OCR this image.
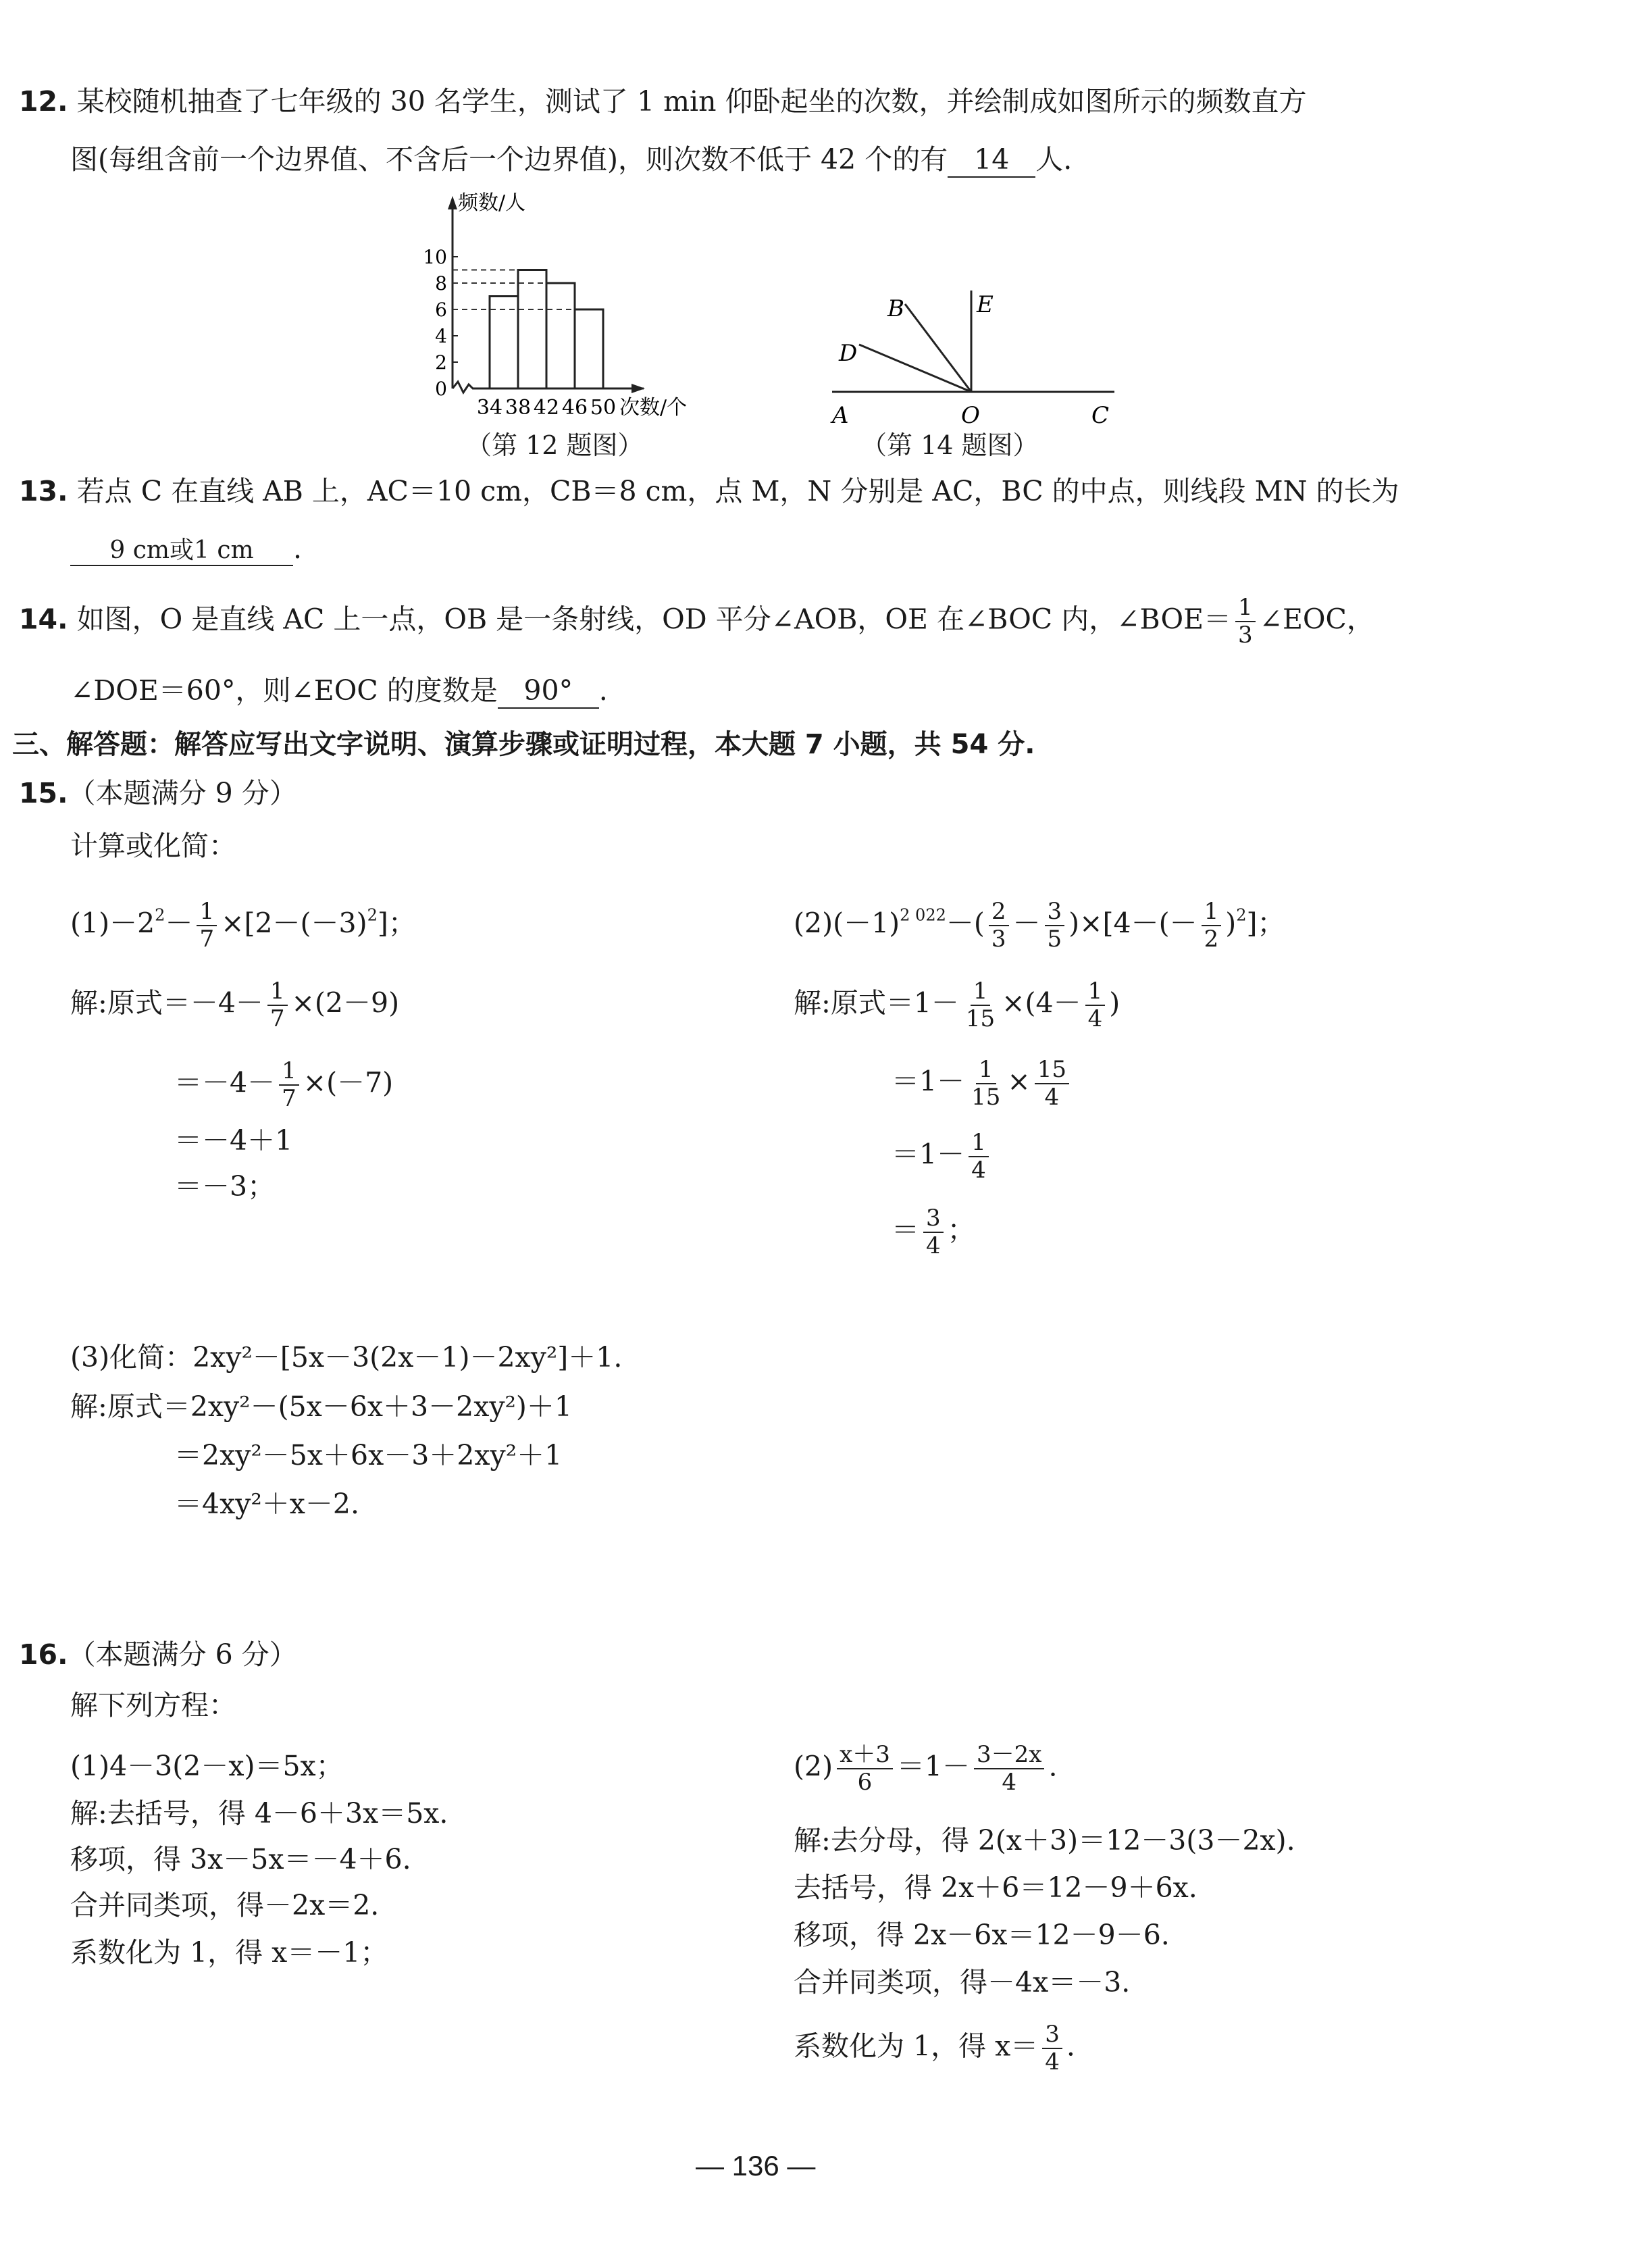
12. 某校随机抽查了七年级的 30 名学生，测试了 1 min 仰卧起坐的次数，并绘制成如图所示的频数直方
图(每组含前一个边界值、不含后一个边界值)，则次数不低于 42 个的有 14 人.
频数/人
0
2
4
6
8
10
34 38 42 46 50 次数/个	A	O	C
B
D
E
（第 12 题图）	（第 14 题图）
13. 若点 C 在直线 AB 上，AC＝10 cm，CB＝8 cm，点 M，N 分别是 AC，BC 的中点，则线段 MN 的长为
9 cm或1 cm .
14. 如图，O 是直线 AC 上一点，OB 是一条射线，OD 平分∠AOB，OE 在∠BOC 内，∠BOE＝ $\frac{1}{3}$ ∠EOC，
∠DOE＝60°，则∠EOC 的度数是 90° .
三、解答题：解答应写出文字说明、演算步骤或证明过程，本大题 7 小题，共 54 分.
15.（本题满分 9 分）
计算或化简：
$(1)-2^2- \frac{1}{7} \times[2-(-3)^2]$；
解:原式$=-4- \frac{1}{7} \times(2-9)$
$=-4- \frac{1}{7} \times(-7)$
＝－4＋1
＝－3；
$(2)(-1)^{2 022}-( \frac{2}{3} - \frac{3}{5} )\times[4-(- \frac{1}{2} )^2]$；
解:原式$=1- \frac{1}{15} \times(4- \frac{1}{4}$ )
$=1- \frac{1}{15} \times \frac{15}{4}$
$=1- \frac{1}{4}$
＝ $\frac{3}{4}$ ；
(3)化简：2xy²－[5x－3(2x－1)－2xy²]＋1.
解:原式＝2xy²－(5x－6x＋3－2xy²)＋1
＝2xy²－5x＋6x－3＋2xy²＋1
＝4xy²＋x－2.
16.（本题满分 6 分）
解下列方程：
(1)4－3(2－x)＝5x；
解:去括号，得 4－6＋3x＝5x.
移项，得 3x－5x＝－4＋6.
合并同类项，得－2x＝2.
系数化为 1，得 x＝－1；
$(2) \frac{x+3}{6} =1- \frac{3-2x}{4}$ .
解:去分母，得 2(x＋3)＝12－3(3－2x).
去括号，得 2x＋6＝12－9＋6x.
移项，得 2x－6x＝12－9－6.
合并同类项，得－4x＝－3.
系数化为 1，得 $x= \frac{3}{4}$ .
— 136 —
